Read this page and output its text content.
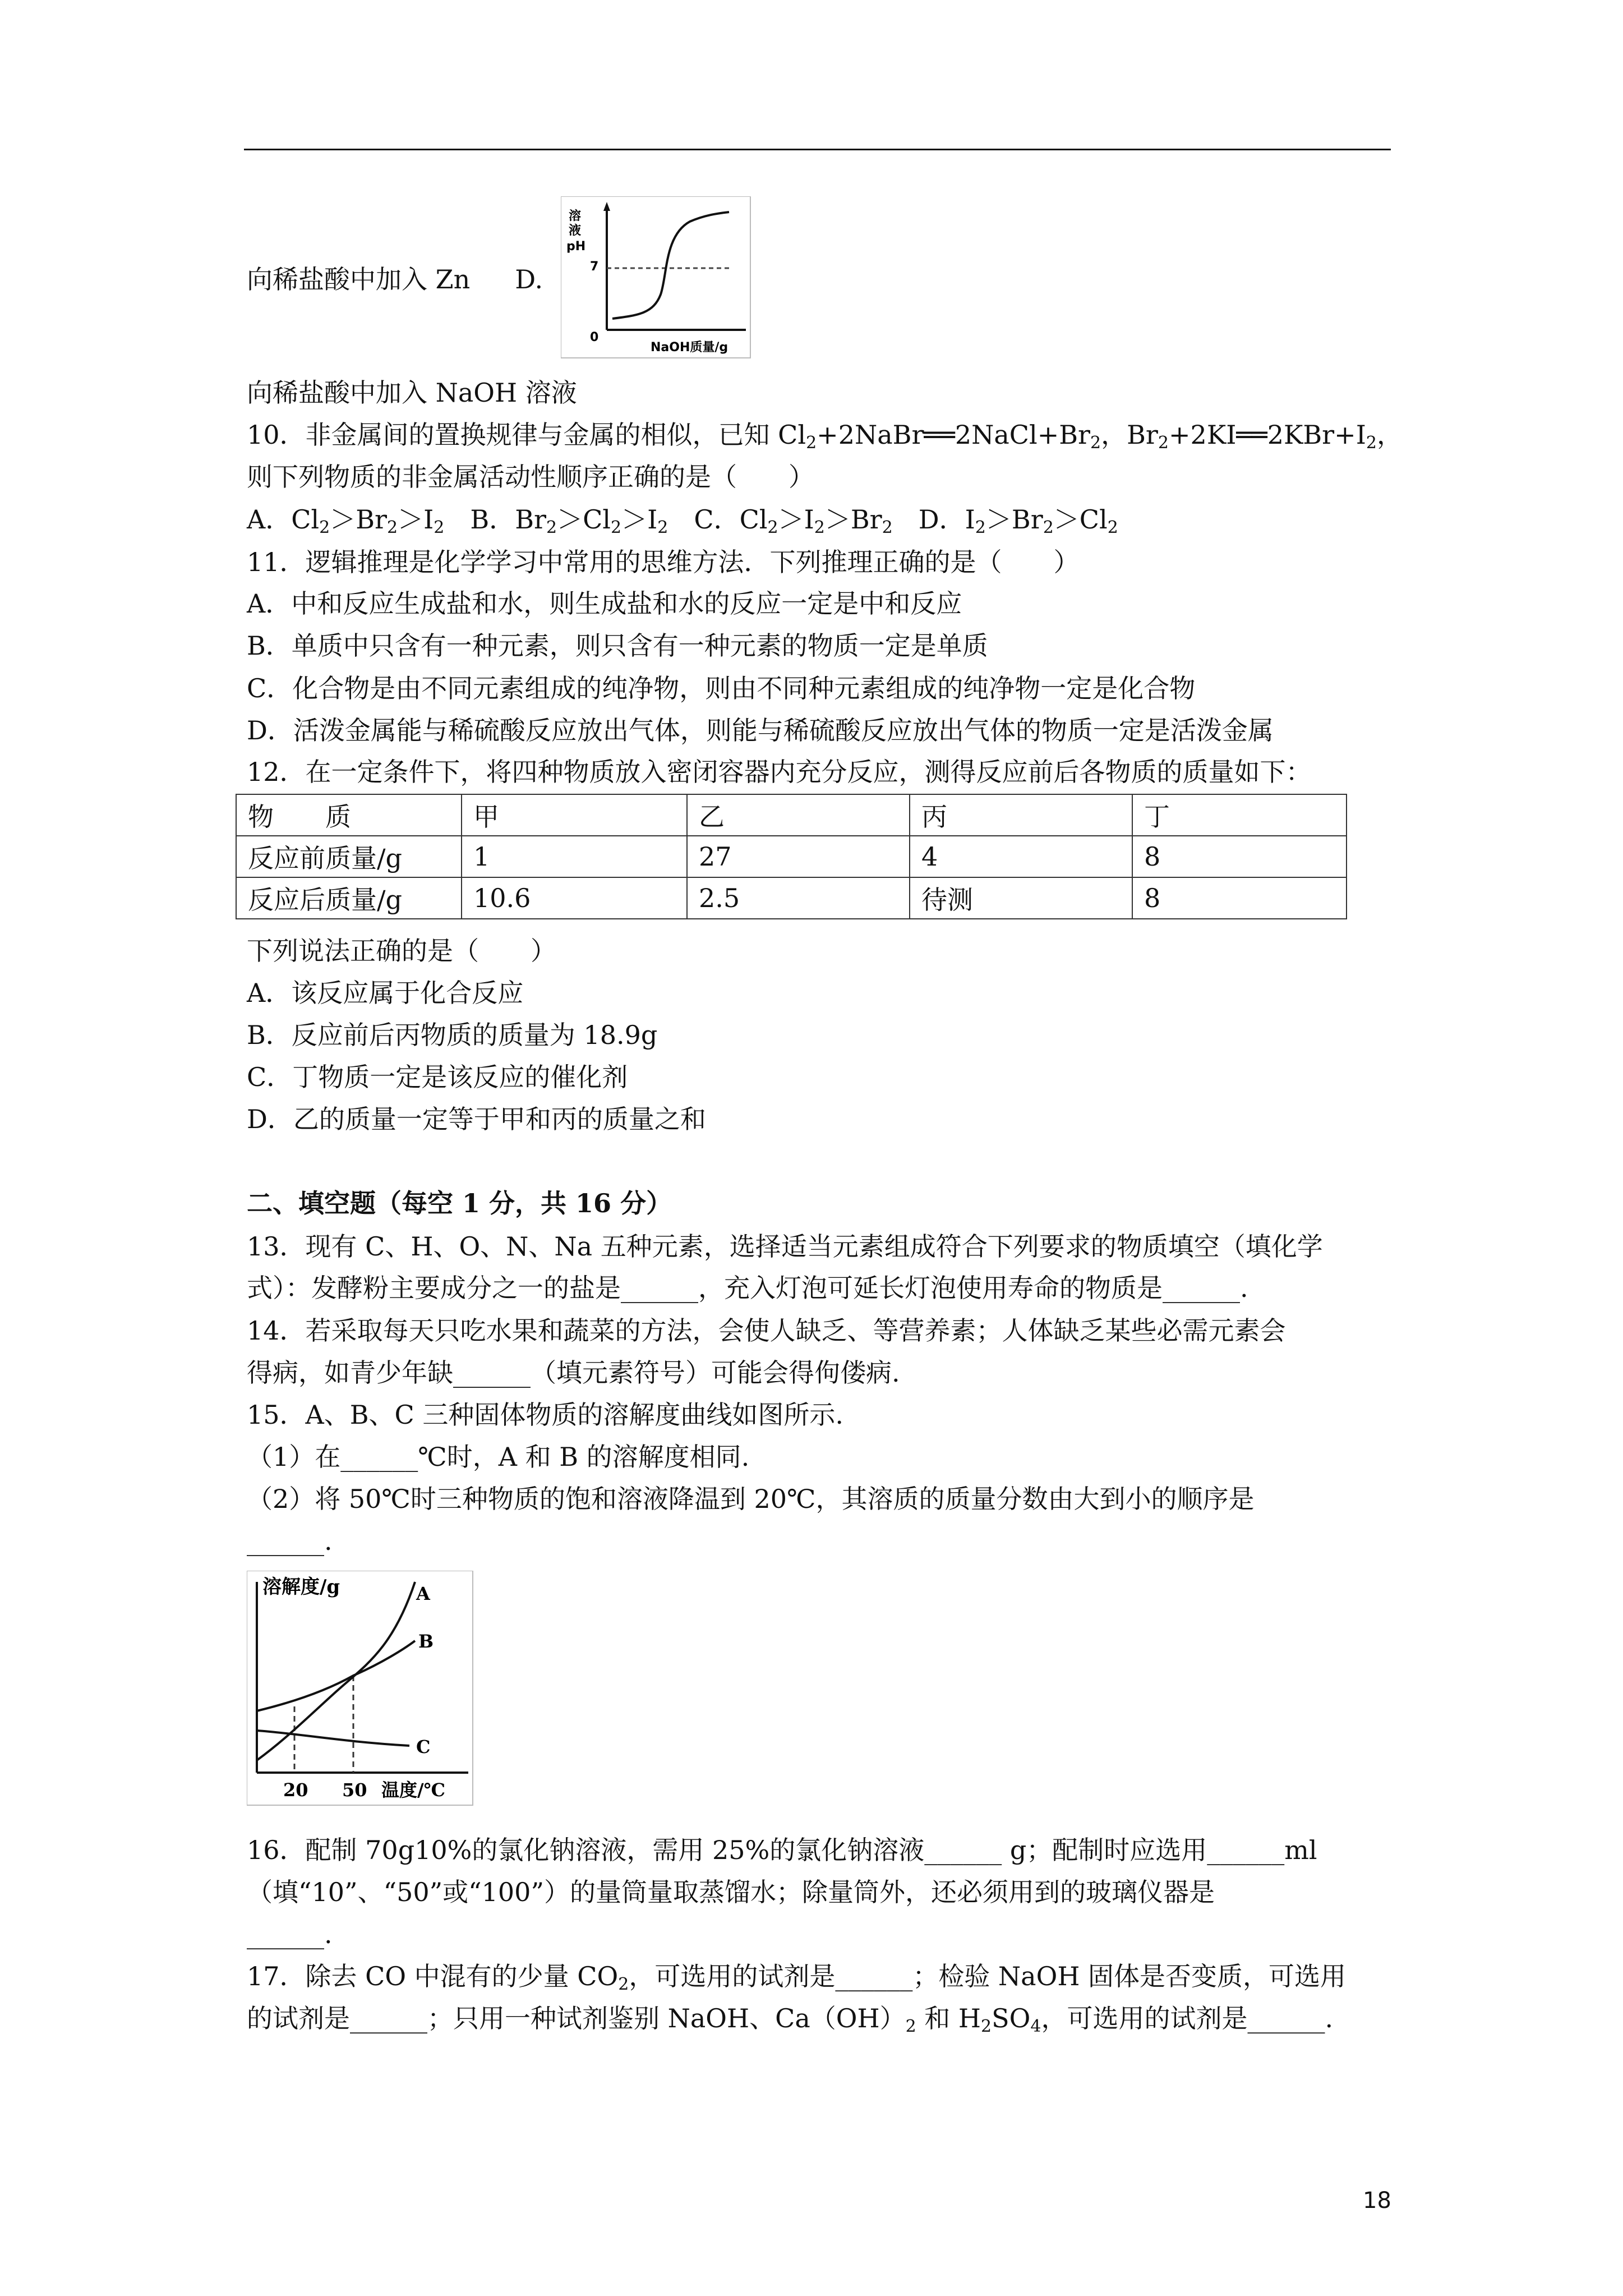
向稀盐酸中加入 Zn D.
溶
液
pH
7
0
NaOH质量/g
向稀盐酸中加入 NaOH 溶液
10．非金属间的置换规律与金属的相似，已知 $Cl_2+2NaBr══2NaCl+Br_2$，$Br_2+2KI══2KBr+I_2$，
则下列物质的非金属活动性顺序正确的是（　　）
A．$Cl_2>Br_2>I_2$　B．$Br_2>Cl_2>I_2$　C．$Cl_2>I_2>Br_2$　D．$I_2>Br_2>Cl_2$
11．逻辑推理是化学学习中常用的思维方法．下列推理正确的是（　　）
A．中和反应生成盐和水，则生成盐和水的反应一定是中和反应
B．单质中只含有一种元素，则只含有一种元素的物质一定是单质
C．化合物是由不同元素组成的纯净物，则由不同种元素组成的纯净物一定是化合物
D．活泼金属能与稀硫酸反应放出气体，则能与稀硫酸反应放出气体的物质一定是活泼金属
12．在一定条件下，将四种物质放入密闭容器内充分反应，测得反应前后各物质的质量如下：
物　　质	甲	乙	丙	丁
反应前质量/g	1	27	4	8
反应后质量/g	10.6	2.5	待测	8
下列说法正确的是（　　）
A．该反应属于化合反应
B．反应前后丙物质的质量为 18.9g
C．丁物质一定是该反应的催化剂
D．乙的质量一定等于甲和丙的质量之和
二、填空题（每空 1 分，共 16 分）
13．现有 C、H、O、N、Na 五种元素，选择适当元素组成符合下列要求的物质填空（填化学
式）：发酵粉主要成分之一的盐是______，充入灯泡可延长灯泡使用寿命的物质是______.
14．若采取每天只吃水果和蔬菜的方法，会使人缺乏、等营养素；人体缺乏某些必需元素会
得病，如青少年缺______（填元素符号）可能会得佝偻病.
15．A、B、C 三种固体物质的溶解度曲线如图所示.
（1）在______℃时，A 和 B 的溶解度相同.
（2）将 50℃时三种物质的饱和溶液降温到 20℃，其溶质的质量分数由大到小的顺序是
______.
溶解度/g	A
B
C
20 50 温度/℃
16．配制 70g10%的氯化钠溶液，需用 25%的氯化钠溶液______ g；配制时应选用______ml
（填“10”、“50”或“100”）的量筒量取蒸馏水；除量筒外，还必须用到的玻璃仪器是
______.
17．除去 CO 中混有的少量 $CO_2$，可选用的试剂是______；检验 NaOH 固体是否变质，可选用
的试剂是______；只用一种试剂鉴别 NaOH、$Ca(OH)_2$ 和 $H_2SO_4$，可选用的试剂是______.
18
